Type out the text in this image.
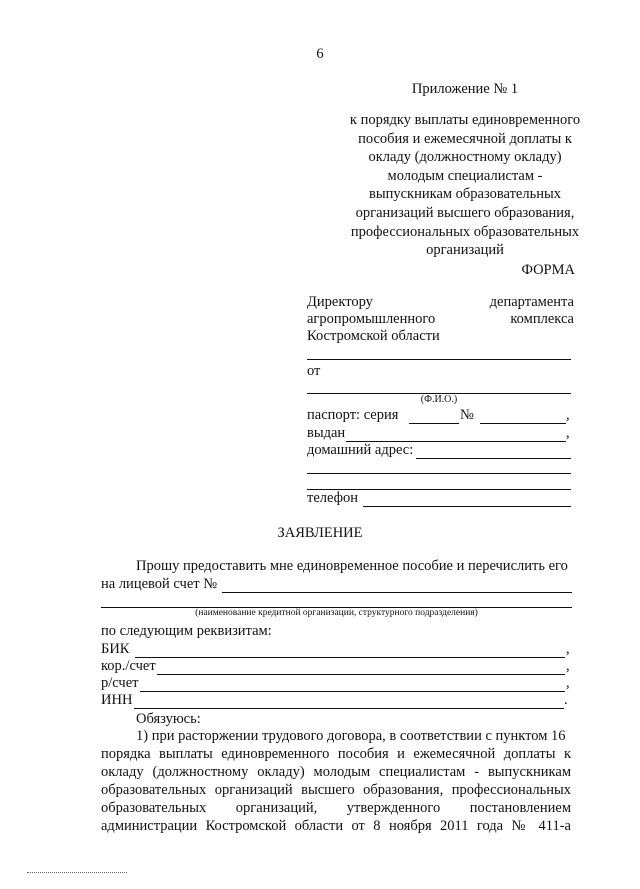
6
Приложение № 1
к порядку выплаты единовременного
пособия и ежемесячной доплаты к
окладу (должностному окладу)
молодым специалистам -
выпускникам образовательных
организаций высшего образования,
профессиональных образовательных
организаций
ФОРМА
Директору	департамента
агропромышленного	комплекса
Костромской области
от
(Ф.И.О.)
паспорт: серия	№	,
выдан	,
домашний адрес:
телефон
ЗАЯВЛЕНИЕ
Прошу предоставить мне единовременное пособие и перечислить его
на лицевой счет №
(наименование кредитной организации, структурного подразделения)
по следующим реквизитам:
БИК	,
кор./счет	,
р/счет	,
ИНН	.
Обязуюсь:
1) при расторжении трудового договора, в соответствии с пунктом 16
порядка выплаты единовременного пособия и ежемесячной доплаты к
окладу (должностному окладу) молодым специалистам - выпускникам
образовательных организаций высшего образования, профессиональных
образовательных организаций, утвержденного постановлением
администрации Костромской области от 8 ноября 2011 года № 411-а
